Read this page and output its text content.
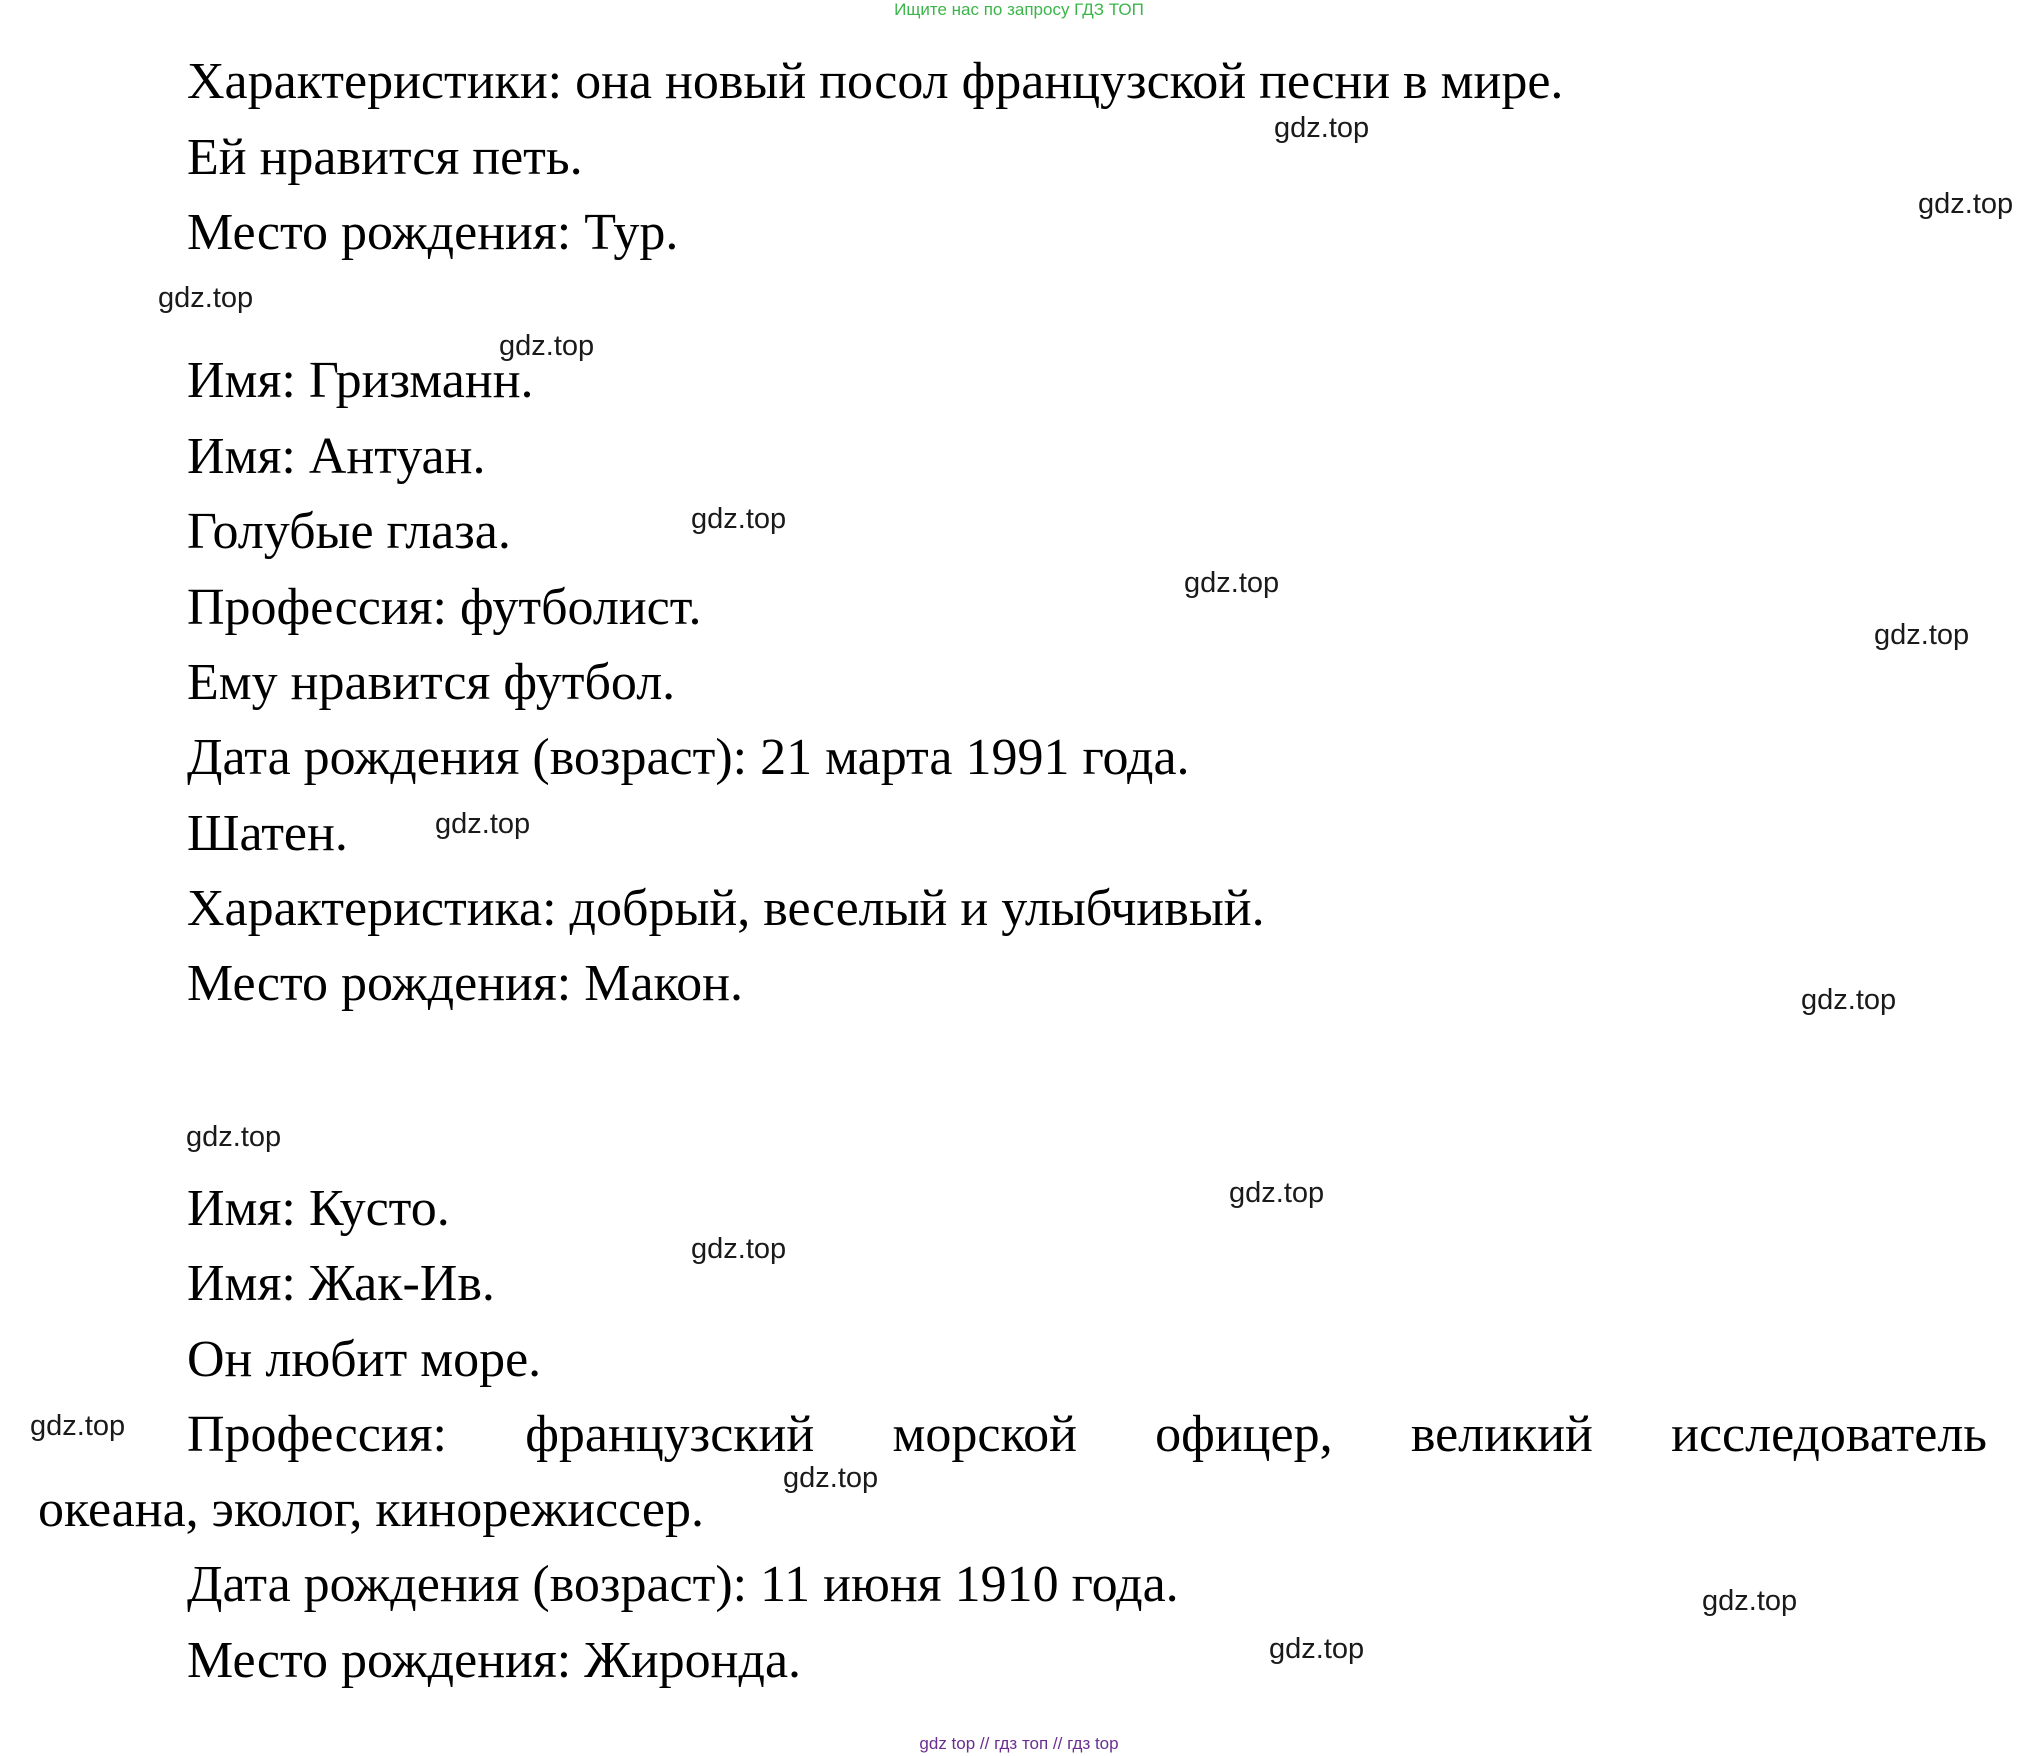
Ищите нас по запросу ГДЗ ТОП
Характеристики: она новый посол французской песни в мире.
Ей нравится петь.
Место рождения: Тур.
Имя: Гризманн.
Имя: Антуан.
Голубые глаза.
Профессия: футболист.
Ему нравится футбол.
Дата рождения (возраст): 21 марта 1991 года.
Шатен.
Характеристика: добрый, веселый и улыбчивый.
Место рождения: Макон.
Имя: Кусто.
Имя: Жак-Ив.
Он любит море.
Профессия: французский морской офицер, великий исследователь
океана, эколог, кинорежиссер.
Дата рождения (возраст): 11 июня 1910 года.
Место рождения: Жиронда.
gdz.top
gdz.top
gdz.top
gdz.top
gdz.top
gdz.top
gdz.top
gdz.top
gdz.top
gdz.top
gdz.top
gdz.top
gdz.top
gdz.top
gdz.top
gdz.top
gdz top // гдз топ // гдз top
